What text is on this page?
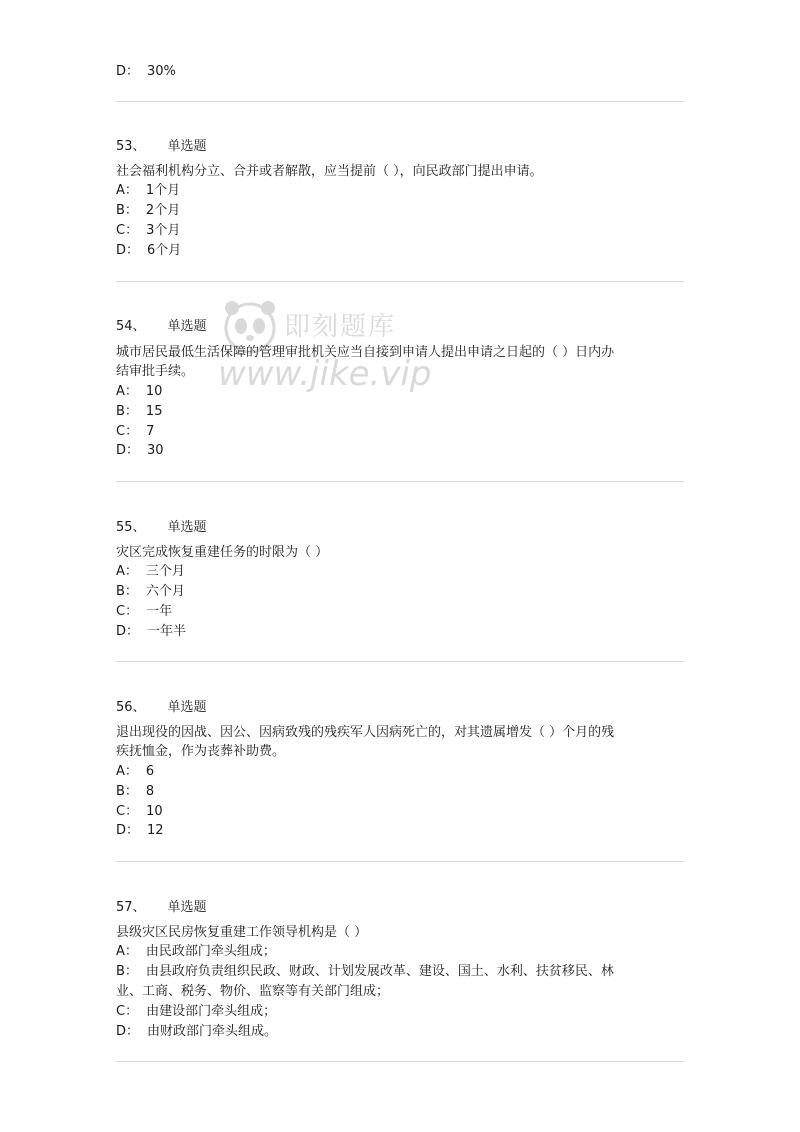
D： 30%
53、 单选题
社会福利机构分立、合并或者解散，应当提前（ ），向民政部门提出申请。
A： 1个月
B： 2个月
C： 3个月
D： 6个月
54、 单选题
城市居民最低生活保障的管理审批机关应当自接到申请人提出申请之日起的（ ）日内办
结审批手续。
A： 10
B： 15
C： 7
D： 30
55、 单选题
灾区完成恢复重建任务的时限为（ ）
A： 三个月
B： 六个月
C： 一年
D： 一年半
56、 单选题
退出现役的因战、因公、因病致残的残疾军人因病死亡的，对其遗属增发（ ）个月的残
疾抚恤金，作为丧葬补助费。
A： 6
B： 8
C： 10
D： 12
57、 单选题
县级灾区民房恢复重建工作领导机构是（ ）
A： 由民政部门牵头组成；
B： 由县政府负责组织民政、财政、计划发展改革、建设、国土、水利、扶贫移民、林
业、工商、税务、物价、监察等有关部门组成；
C： 由建设部门牵头组成；
D： 由财政部门牵头组成。
即刻题库
www.jike.vip
